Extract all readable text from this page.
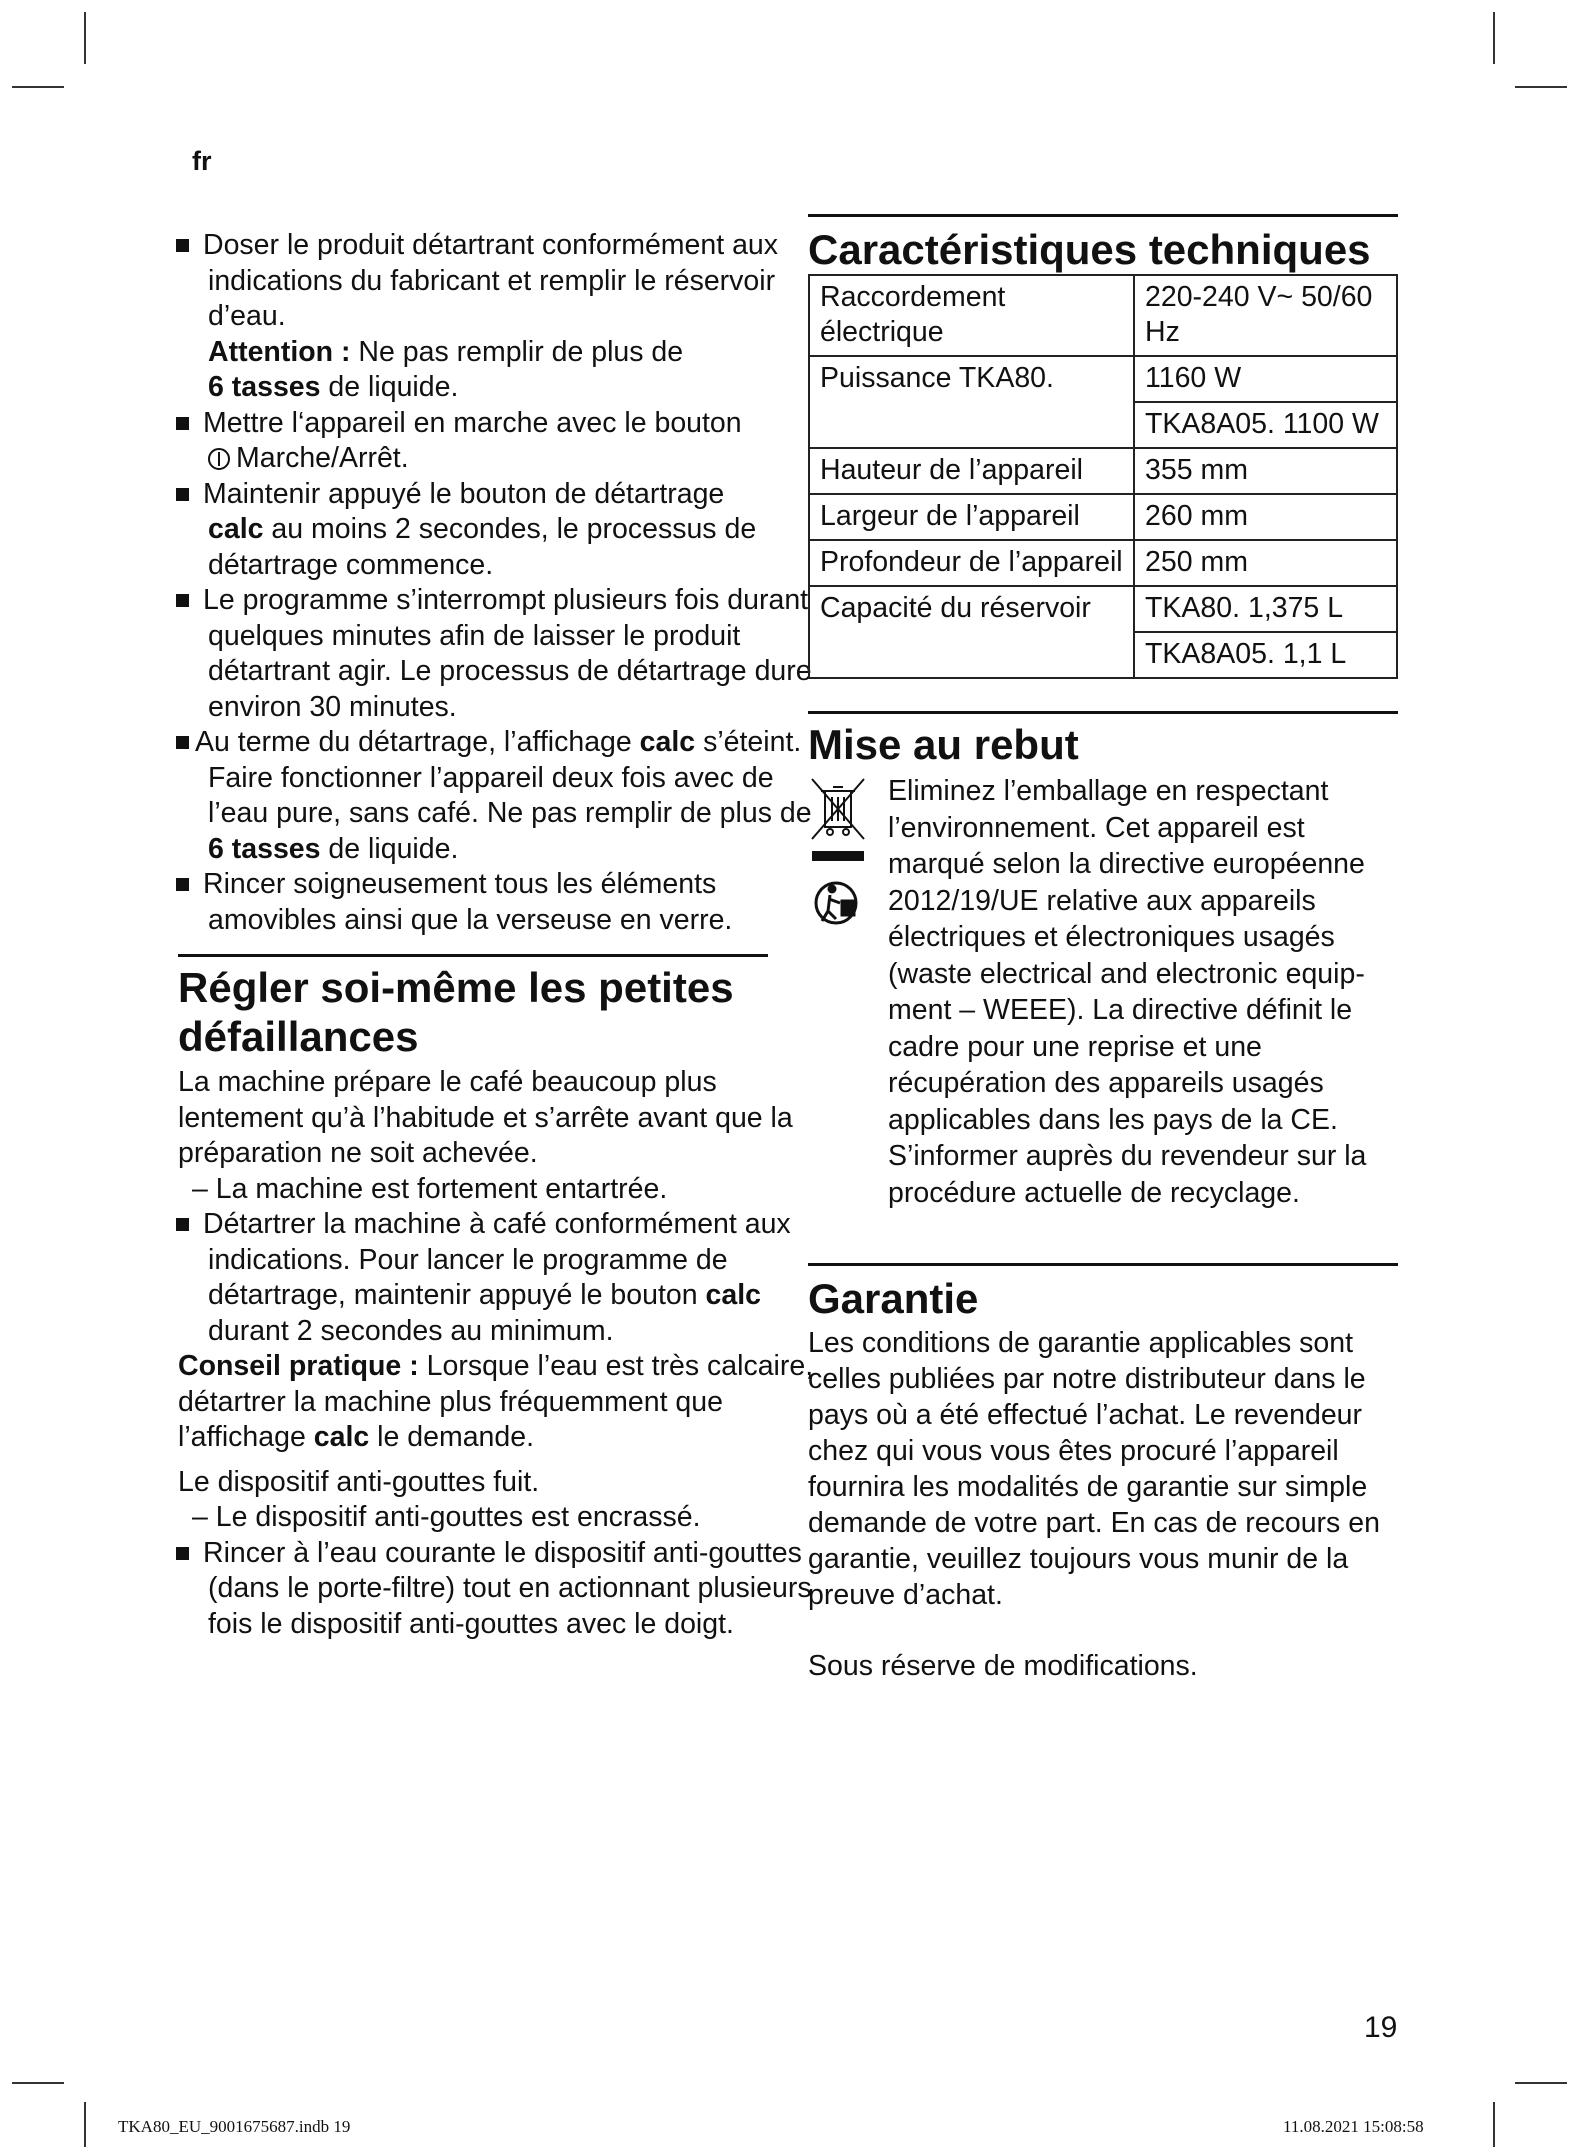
fr

Doser le produit détartrant conformément aux indications du fabricant et remplir le réservoir d’eau.

Attention : Ne pas remplir de plus de
6 tasses de liquide.

Mettre l‘appareil en marche avec le bouton

Marche/Arrêt.

Maintenir appuyé le bouton de détartrage
calc au moins 2 secondes, le processus de détartrage commence.

Le programme s’interrompt plusieurs fois durant quelques minutes afin de laisser le produit détartrant agir. Le processus de détartrage dure environ 30 minutes.

Au terme du détartrage, l’affichage calc s’éteint. Faire fonctionner l’appareil deux fois avec de l’eau pure, sans café. Ne pas remplir de plus de 6 tasses de liquide.

Rincer soigneusement tous les éléments amovibles ainsi que la verseuse en verre.

Régler soi-même les petites défaillances

La machine prépare le café beaucoup plus lentement qu’à l’habitude et s’arrête avant que la préparation ne soit achevée.

– La machine est fortement entartrée.

Détartrer la machine à café conformément aux indications. Pour lancer le programme de détartrage, maintenir appuyé le bouton calc durant 2 secondes au minimum.

Conseil pratique : Lorsque l’eau est très calcaire, détartrer la machine plus fréquemment que l’affichage calc le demande.

Le dispositif anti-gouttes fuit.

– Le dispositif anti-gouttes est encrassé.

Rincer à l’eau courante le dispositif anti-gouttes (dans le porte-filtre) tout en actionnant plusieurs fois le dispositif anti-gouttes avec le doigt.

Caractéristiques techniques
Raccordement électrique	220-240 V~ 50/60 Hz
Puissance TKA80.	1160 W
	TKA8A05. 1100 W
Hauteur de l’appareil	355 mm
Largeur de l’appareil	260 mm
Profondeur de l’appareil	250 mm
Capacité du réservoir	TKA80. 1,375 L
	TKA8A05. 1,1 L
Mise au rebut
Eliminez l’emballage en respectant l’environnement. Cet appareil est marqué selon la directive européenne 2012/19/UE relative aux appareils électriques et électroniques usagés (waste electrical and electronic equip-ment – WEEE). La directive définit le cadre pour une reprise et une récupération des appareils usagés applicables dans les pays de la CE. S’informer auprès du revendeur sur la procédure actuelle de recyclage.
Garantie

Les conditions de garantie applicables sont celles publiées par notre distributeur dans le pays où a été effectué l’achat. Le revendeur chez qui vous vous êtes procuré l’appareil fournira les modalités de garantie sur simple demande de votre part. En cas de recours en garantie, veuillez toujours vous munir de la preuve d’achat.

Sous réserve de modifications.

19
TKA80_EU_9001675687.indb 19	11.08.2021 15:08:58
